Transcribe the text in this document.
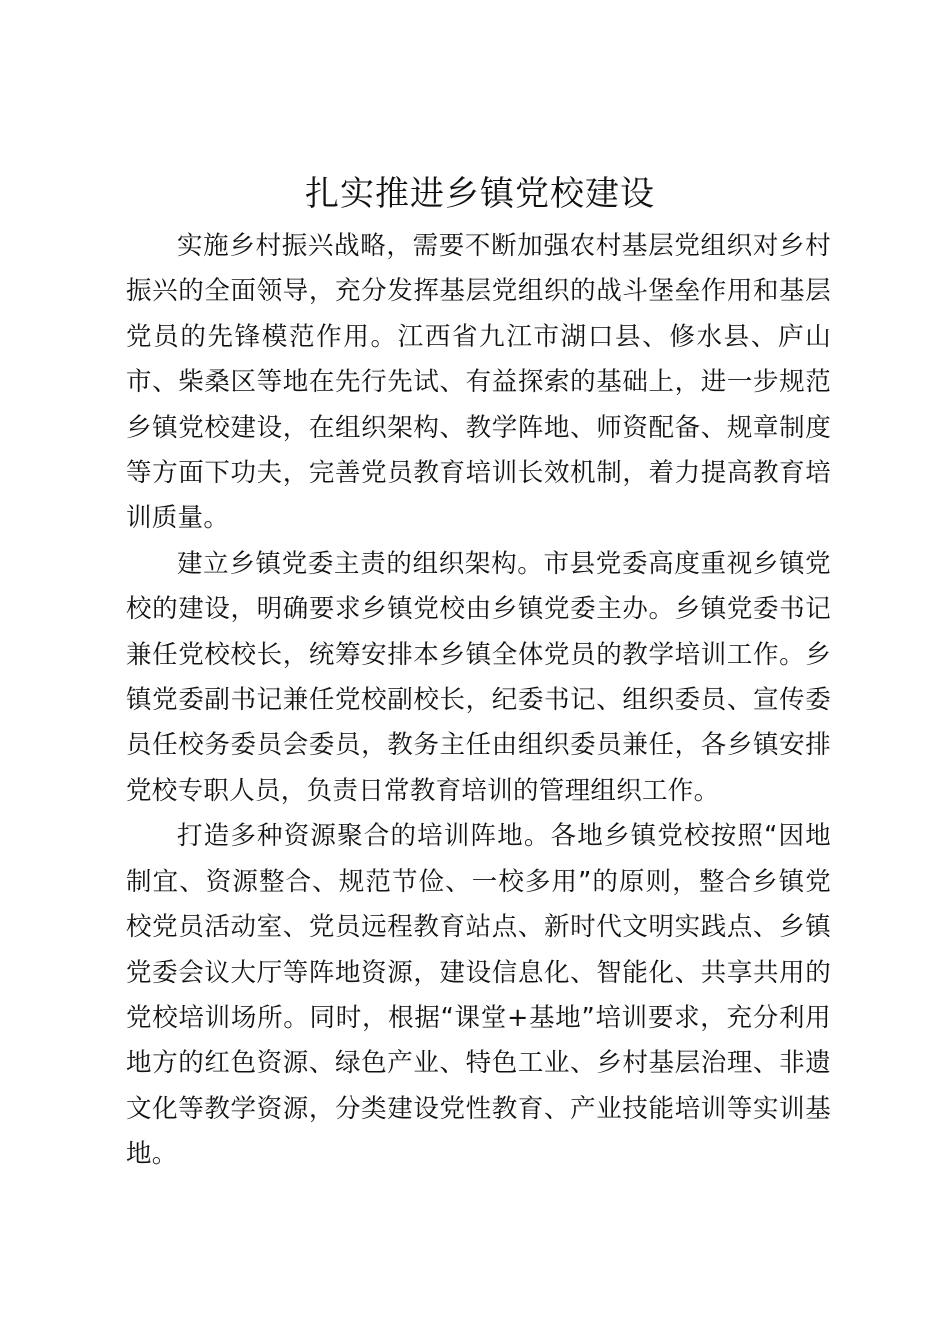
扎实推进乡镇党校建设

实施乡村振兴战略，需要不断加强农村基层党组织对乡村振兴的全面领导，充分发挥基层党组织的战斗堡垒作用和基层党员的先锋模范作用。江西省九江市湖口县、修水县、庐山市、柴桑区等地在先行先试、有益探索的基础上，进一步规范乡镇党校建设，在组织架构、教学阵地、师资配备、规章制度等方面下功夫，完善党员教育培训长效机制，着力提高教育培训质量。

建立乡镇党委主责的组织架构。市县党委高度重视乡镇党校的建设，明确要求乡镇党校由乡镇党委主办。乡镇党委书记兼任党校校长，统筹安排本乡镇全体党员的教学培训工作。乡镇党委副书记兼任党校副校长，纪委书记、组织委员、宣传委员任校务委员会委员，教务主任由组织委员兼任，各乡镇安排党校专职人员，负责日常教育培训的管理组织工作。

打造多种资源聚合的培训阵地。各地乡镇党校按照“因地制宜、资源整合、规范节俭、一校多用”的原则，整合乡镇党校党员活动室、党员远程教育站点、新时代文明实践点、乡镇党委会议大厅等阵地资源，建设信息化、智能化、共享共用的党校培训场所。同时，根据“课堂+基地”培训要求，充分利用地方的红色资源、绿色产业、特色工业、乡村基层治理、非遗文化等教学资源，分类建设党性教育、产业技能培训等实训基地。
